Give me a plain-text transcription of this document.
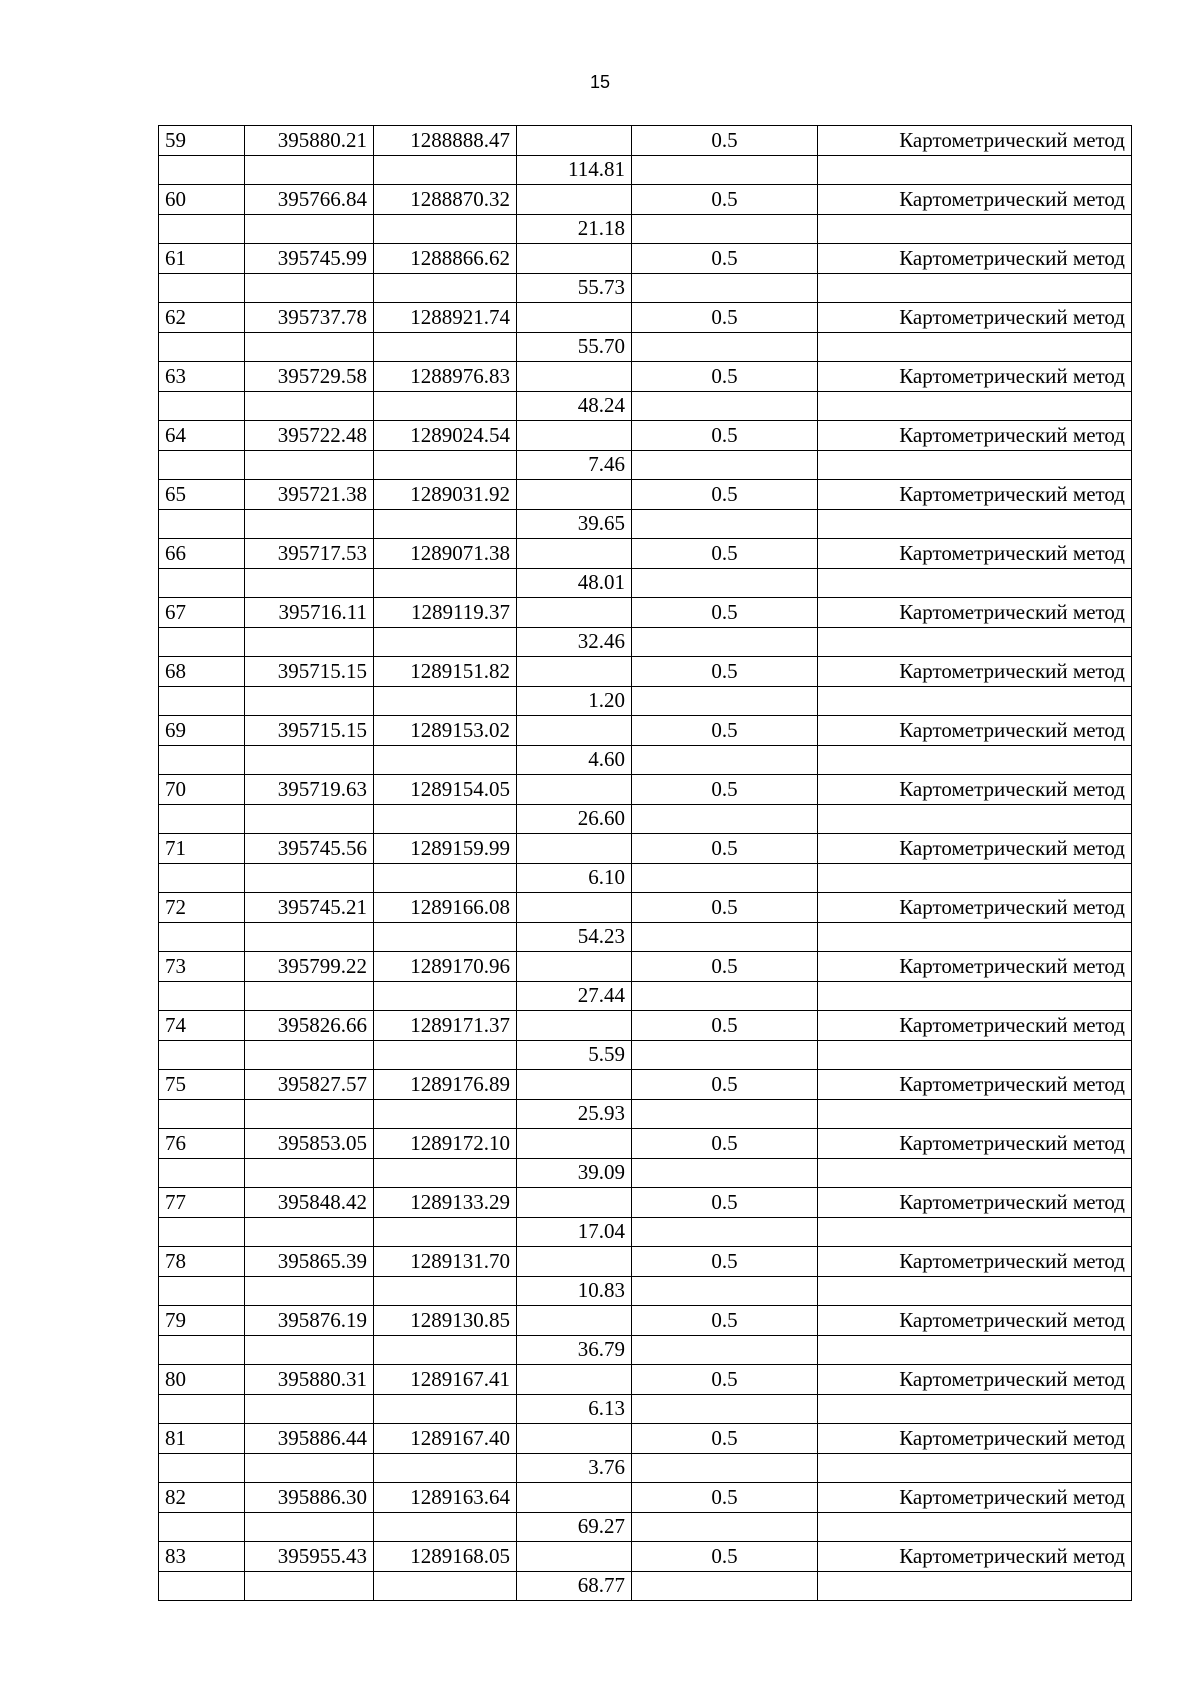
15
59	395880.21	1288888.47		0.5	Картометрический метод
			114.81		
60	395766.84	1288870.32		0.5	Картометрический метод
			21.18		
61	395745.99	1288866.62		0.5	Картометрический метод
			55.73		
62	395737.78	1288921.74		0.5	Картометрический метод
			55.70		
63	395729.58	1288976.83		0.5	Картометрический метод
			48.24		
64	395722.48	1289024.54		0.5	Картометрический метод
			7.46		
65	395721.38	1289031.92		0.5	Картометрический метод
			39.65		
66	395717.53	1289071.38		0.5	Картометрический метод
			48.01		
67	395716.11	1289119.37		0.5	Картометрический метод
			32.46		
68	395715.15	1289151.82		0.5	Картометрический метод
			1.20		
69	395715.15	1289153.02		0.5	Картометрический метод
			4.60		
70	395719.63	1289154.05		0.5	Картометрический метод
			26.60		
71	395745.56	1289159.99		0.5	Картометрический метод
			6.10		
72	395745.21	1289166.08		0.5	Картометрический метод
			54.23		
73	395799.22	1289170.96		0.5	Картометрический метод
			27.44		
74	395826.66	1289171.37		0.5	Картометрический метод
			5.59		
75	395827.57	1289176.89		0.5	Картометрический метод
			25.93		
76	395853.05	1289172.10		0.5	Картометрический метод
			39.09		
77	395848.42	1289133.29		0.5	Картометрический метод
			17.04		
78	395865.39	1289131.70		0.5	Картометрический метод
			10.83		
79	395876.19	1289130.85		0.5	Картометрический метод
			36.79		
80	395880.31	1289167.41		0.5	Картометрический метод
			6.13		
81	395886.44	1289167.40		0.5	Картометрический метод
			3.76		
82	395886.30	1289163.64		0.5	Картометрический метод
			69.27		
83	395955.43	1289168.05		0.5	Картометрический метод
			68.77		
